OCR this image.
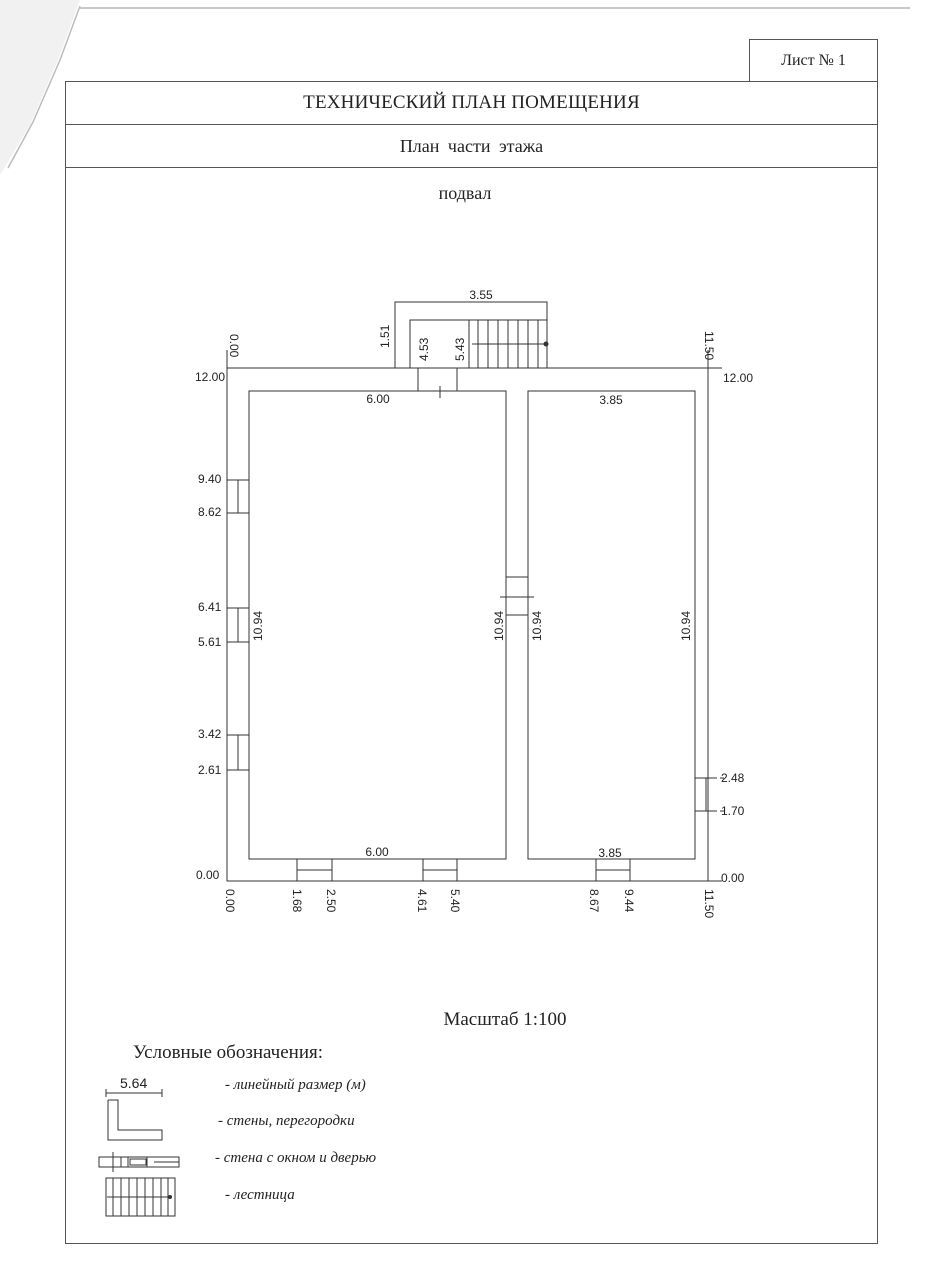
Лист № 1
ТЕХНИЧЕСКИЙ ПЛАН ПОМЕЩЕНИЯ
План части этажа
подвал
3.55
1.51
4.53 5.43
0.00	11.50
12.00	12.00
6.00	3.85
6.00	3.85
10.94	10.94 10.94	10.94
9.40
8.62
6.41
5.61
3.42
2.61
2.48
1.70
0.00	0.00
0.00	1.68 2.50	4.61 5.40	8.67 9.44	11.50
5.64
Масштаб 1:100
Условные обозначения:
- линейный размер (м)
- стены, перегородки
- стена с окном и дверью
- лестница
